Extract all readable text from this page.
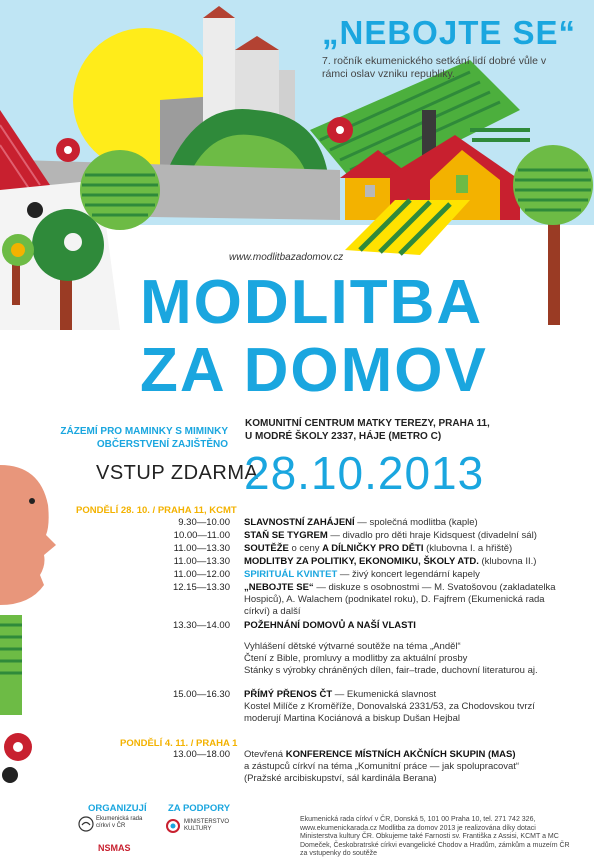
„NEBOJTE SE“
7. ročník ekumenického setkání lidí dobré vůle v rámci oslav vzniku republiky.
www.modlitbazadomov.cz
MODLITBA
ZA DOMOV
ZÁZEMÍ PRO MAMINKY S MIMINKY
OBČERSTVENÍ ZAJIŠTĚNO
KOMUNITNÍ CENTRUM MATKY TEREZY, PRAHA 11,
U MODRÉ ŠKOLY 2337, HÁJE (METRO C)
VSTUP ZDARMA
28.10.2013
PONDĚLÍ 28. 10. / PRAHA 11, KCMT
9.30—10.00 SLAVNOSTNÍ ZAHÁJENÍ — společná modlitba (kaple)
10.00—11.00 STAŇ SE TYGREM — divadlo pro děti hraje Kidsquest (divadelní sál)
11.00—13.30 SOUTĚŽE o ceny A DÍLNIČKY PRO DĚTI (klubovna I. a hřiště)
11.00—13.30 MODLITBY ZA POLITIKY, EKONOMIKU, ŠKOLY ATD. (klubovna II.)
11.00—12.00 SPIRITUÁL KVINTET — živý koncert legendární kapely
12.15—13.30 „NEBOJTE SE“ — diskuze s osobnostmi — M. Svatošovou (zakladatelka Hospiců), A. Walachem (podnikatel roku), D. Fajfrem (Ekumenická rada církví) a další
13.30—14.00 POŽEHNÁNÍ DOMOVŮ A NAŠÍ VLASTI
Vyhlášení dětské výtvarné soutěže na téma „Anděl“
Čtení z Bible, promluvy a modlitby za aktuální prosby
Stánky s výrobky chráněných dílen, fair–trade, duchovní literaturou aj.
15.00—16.30 PŘÍMÝ PŘENOS ČT — Ekumenická slavnost
Kostel Milíče z Kroměříže, Donovalská 2331/53, za Chodovskou tvrzí
moderují Martina Kociánová a biskup Dušan Hejbal
PONDĚLÍ 4. 11. / PRAHA 1
13.00—18.00 Otevřená KONFERENCE MÍSTNÍCH AKČNÍCH SKUPIN (MAS)
a zástupců církví na téma „Komunitní práce — jak spolupracovat“
(Pražské arcibiskupství, sál kardinála Berana)
ORGANIZUJÍ ZA PODPORY
Ekumenická rada církví v ČR
NSMAS
MINISTERSTVO KULTURY
Ekumenická rada církví v ČR, Donská 5, 101 00 Praha 10, tel. 271 742 326, www.ekumenickarada.cz Modlitba za domov 2013 je realizována díky dotaci Ministerstva kultury ČR. Obkujeme také Farnosti sv. Františka z Assisi, KCMT a MC Domeček, Českobratrské církvi evangelické Chodov a Hradům, zámkům a muzeím ČR za vstupenky do soutěže
